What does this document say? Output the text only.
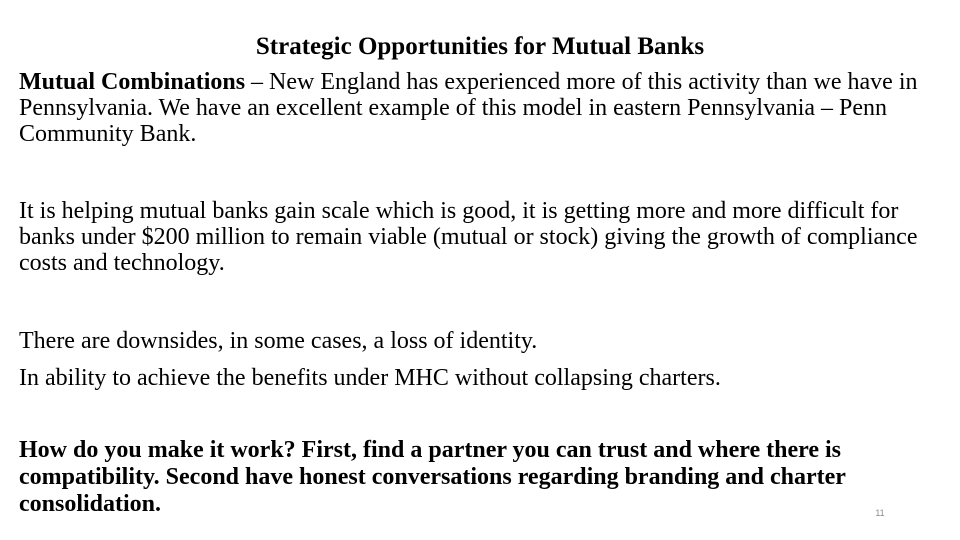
Strategic Opportunities for Mutual Banks

Mutual Combinations – New England has experienced more of this activity than we have in Pennsylvania. We have an excellent example of this model in eastern Pennsylvania – Penn Community Bank.

It is helping mutual banks gain scale which is good, it is getting more and more difficult for banks under $200 million to remain viable (mutual or stock) giving the growth of compliance costs and technology.

There are downsides, in some cases, a loss of identity.
In ability to achieve the benefits under MHC without collapsing charters.

How do you make it work? First, find a partner you can trust and where there is compatibility. Second have honest conversations regarding branding and charter consolidation.	11
